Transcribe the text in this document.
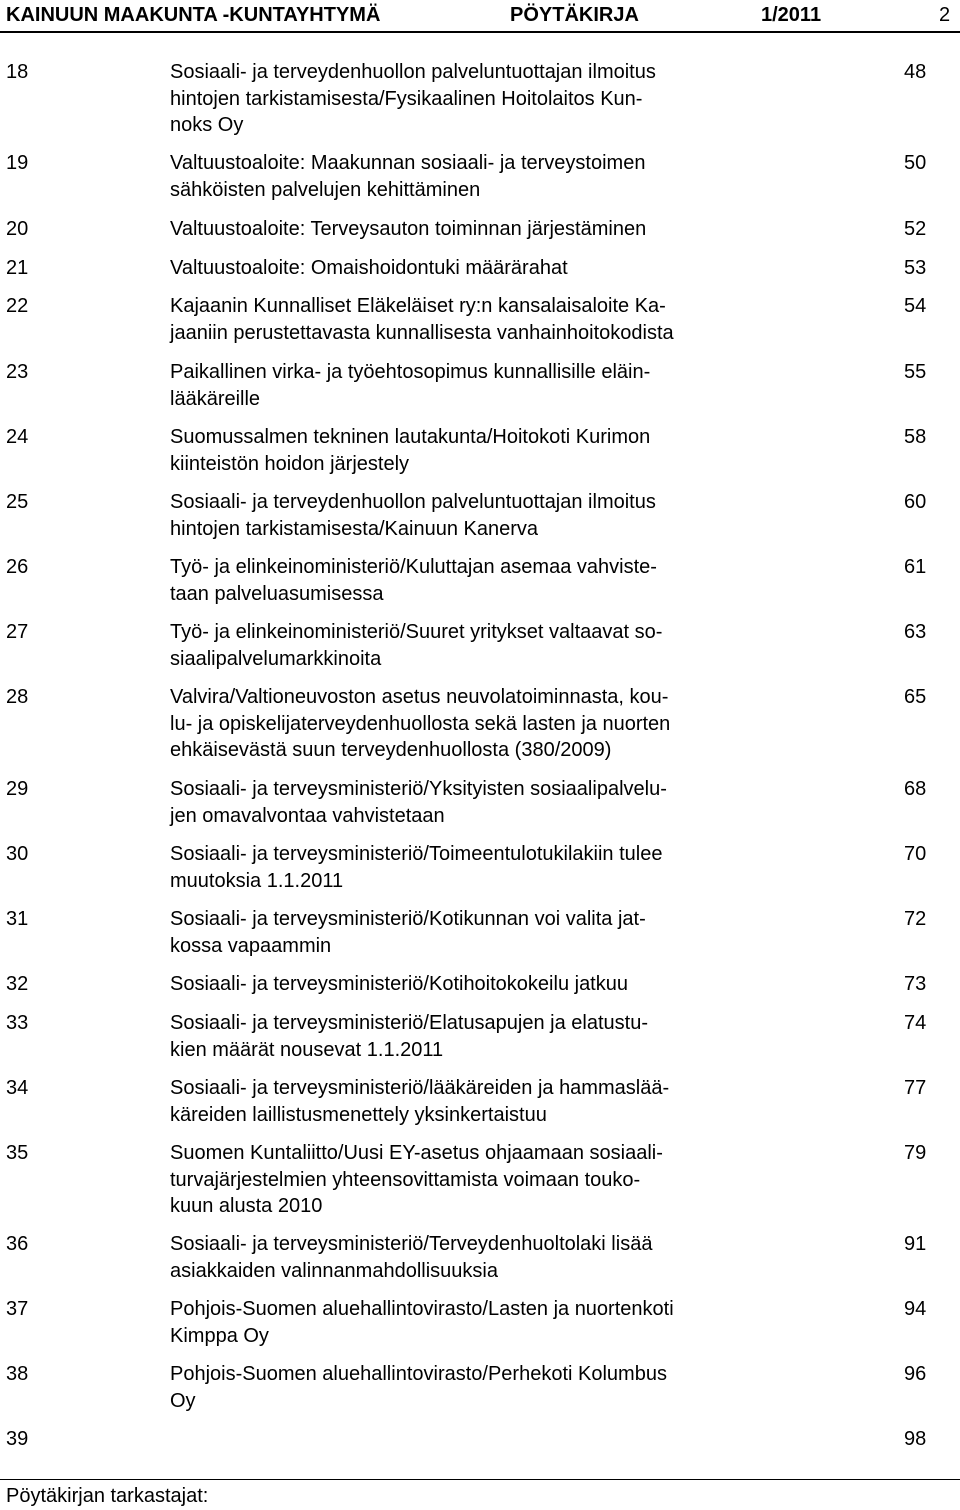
KAINUUN MAAKUNTA -KUNTAYHTYMÄ	PÖYTÄKIRJA	1/2011	2
18	Sosiaali- ja terveydenhuollon palveluntuottajan ilmoitus
hintojen tarkistamisesta/Fysikaalinen Hoitolaitos Kun-
noks Oy
48
19	Valtuustoaloite: Maakunnan sosiaali- ja terveystoimen
sähköisten palvelujen kehittäminen
50
20	Valtuustoaloite: Terveysauton toiminnan järjestäminen	52
21	Valtuustoaloite: Omaishoidontuki määrärahat	53
22	Kajaanin Kunnalliset Eläkeläiset ry:n kansalaisaloite Ka-
jaaniin perustettavasta kunnallisesta vanhainhoitokodista
54
23	Paikallinen virka- ja työehtosopimus kunnallisille eläin-
lääkäreille
55
24	Suomussalmen tekninen lautakunta/Hoitokoti Kurimon
kiinteistön hoidon järjestely
58
25	Sosiaali- ja terveydenhuollon palveluntuottajan ilmoitus
hintojen tarkistamisesta/Kainuun Kanerva
60
26	Työ- ja elinkeinoministeriö/Kuluttajan asemaa vahviste-
taan palveluasumisessa
61
27	Työ- ja elinkeinoministeriö/Suuret yritykset valtaavat so-
siaalipalvelumarkkinoita
63
28	Valvira/Valtioneuvoston asetus neuvolatoiminnasta, kou-
lu- ja opiskelijaterveydenhuollosta sekä lasten ja nuorten
ehkäisevästä suun terveydenhuollosta (380/2009)
65
29	Sosiaali- ja terveysministeriö/Yksityisten sosiaalipalvelu-
jen omavalvontaa vahvistetaan
68
30	Sosiaali- ja terveysministeriö/Toimeentulotukilakiin tulee
muutoksia 1.1.2011
70
31	Sosiaali- ja terveysministeriö/Kotikunnan voi valita jat-
kossa vapaammin
72
32	Sosiaali- ja terveysministeriö/Kotihoitokokeilu jatkuu	73
33	Sosiaali- ja terveysministeriö/Elatusapujen ja elatustu-
kien määrät nousevat 1.1.2011
74
34	Sosiaali- ja terveysministeriö/lääkäreiden ja hammaslää-
käreiden laillistusmenettely yksinkertaistuu
77
35	Suomen Kuntaliitto/Uusi EY-asetus ohjaamaan sosiaali-
turvajärjestelmien yhteensovittamista voimaan touko-
kuun alusta 2010
79
36	Sosiaali- ja terveysministeriö/Terveydenhuoltolaki lisää
asiakkaiden valinnanmahdollisuuksia
91
37	Pohjois-Suomen aluehallintovirasto/Lasten ja nuortenkoti
Kimppa Oy
94
38	Pohjois-Suomen aluehallintovirasto/Perhekoti Kolumbus
Oy
96
39	98
Pöytäkirjan tarkastajat:
